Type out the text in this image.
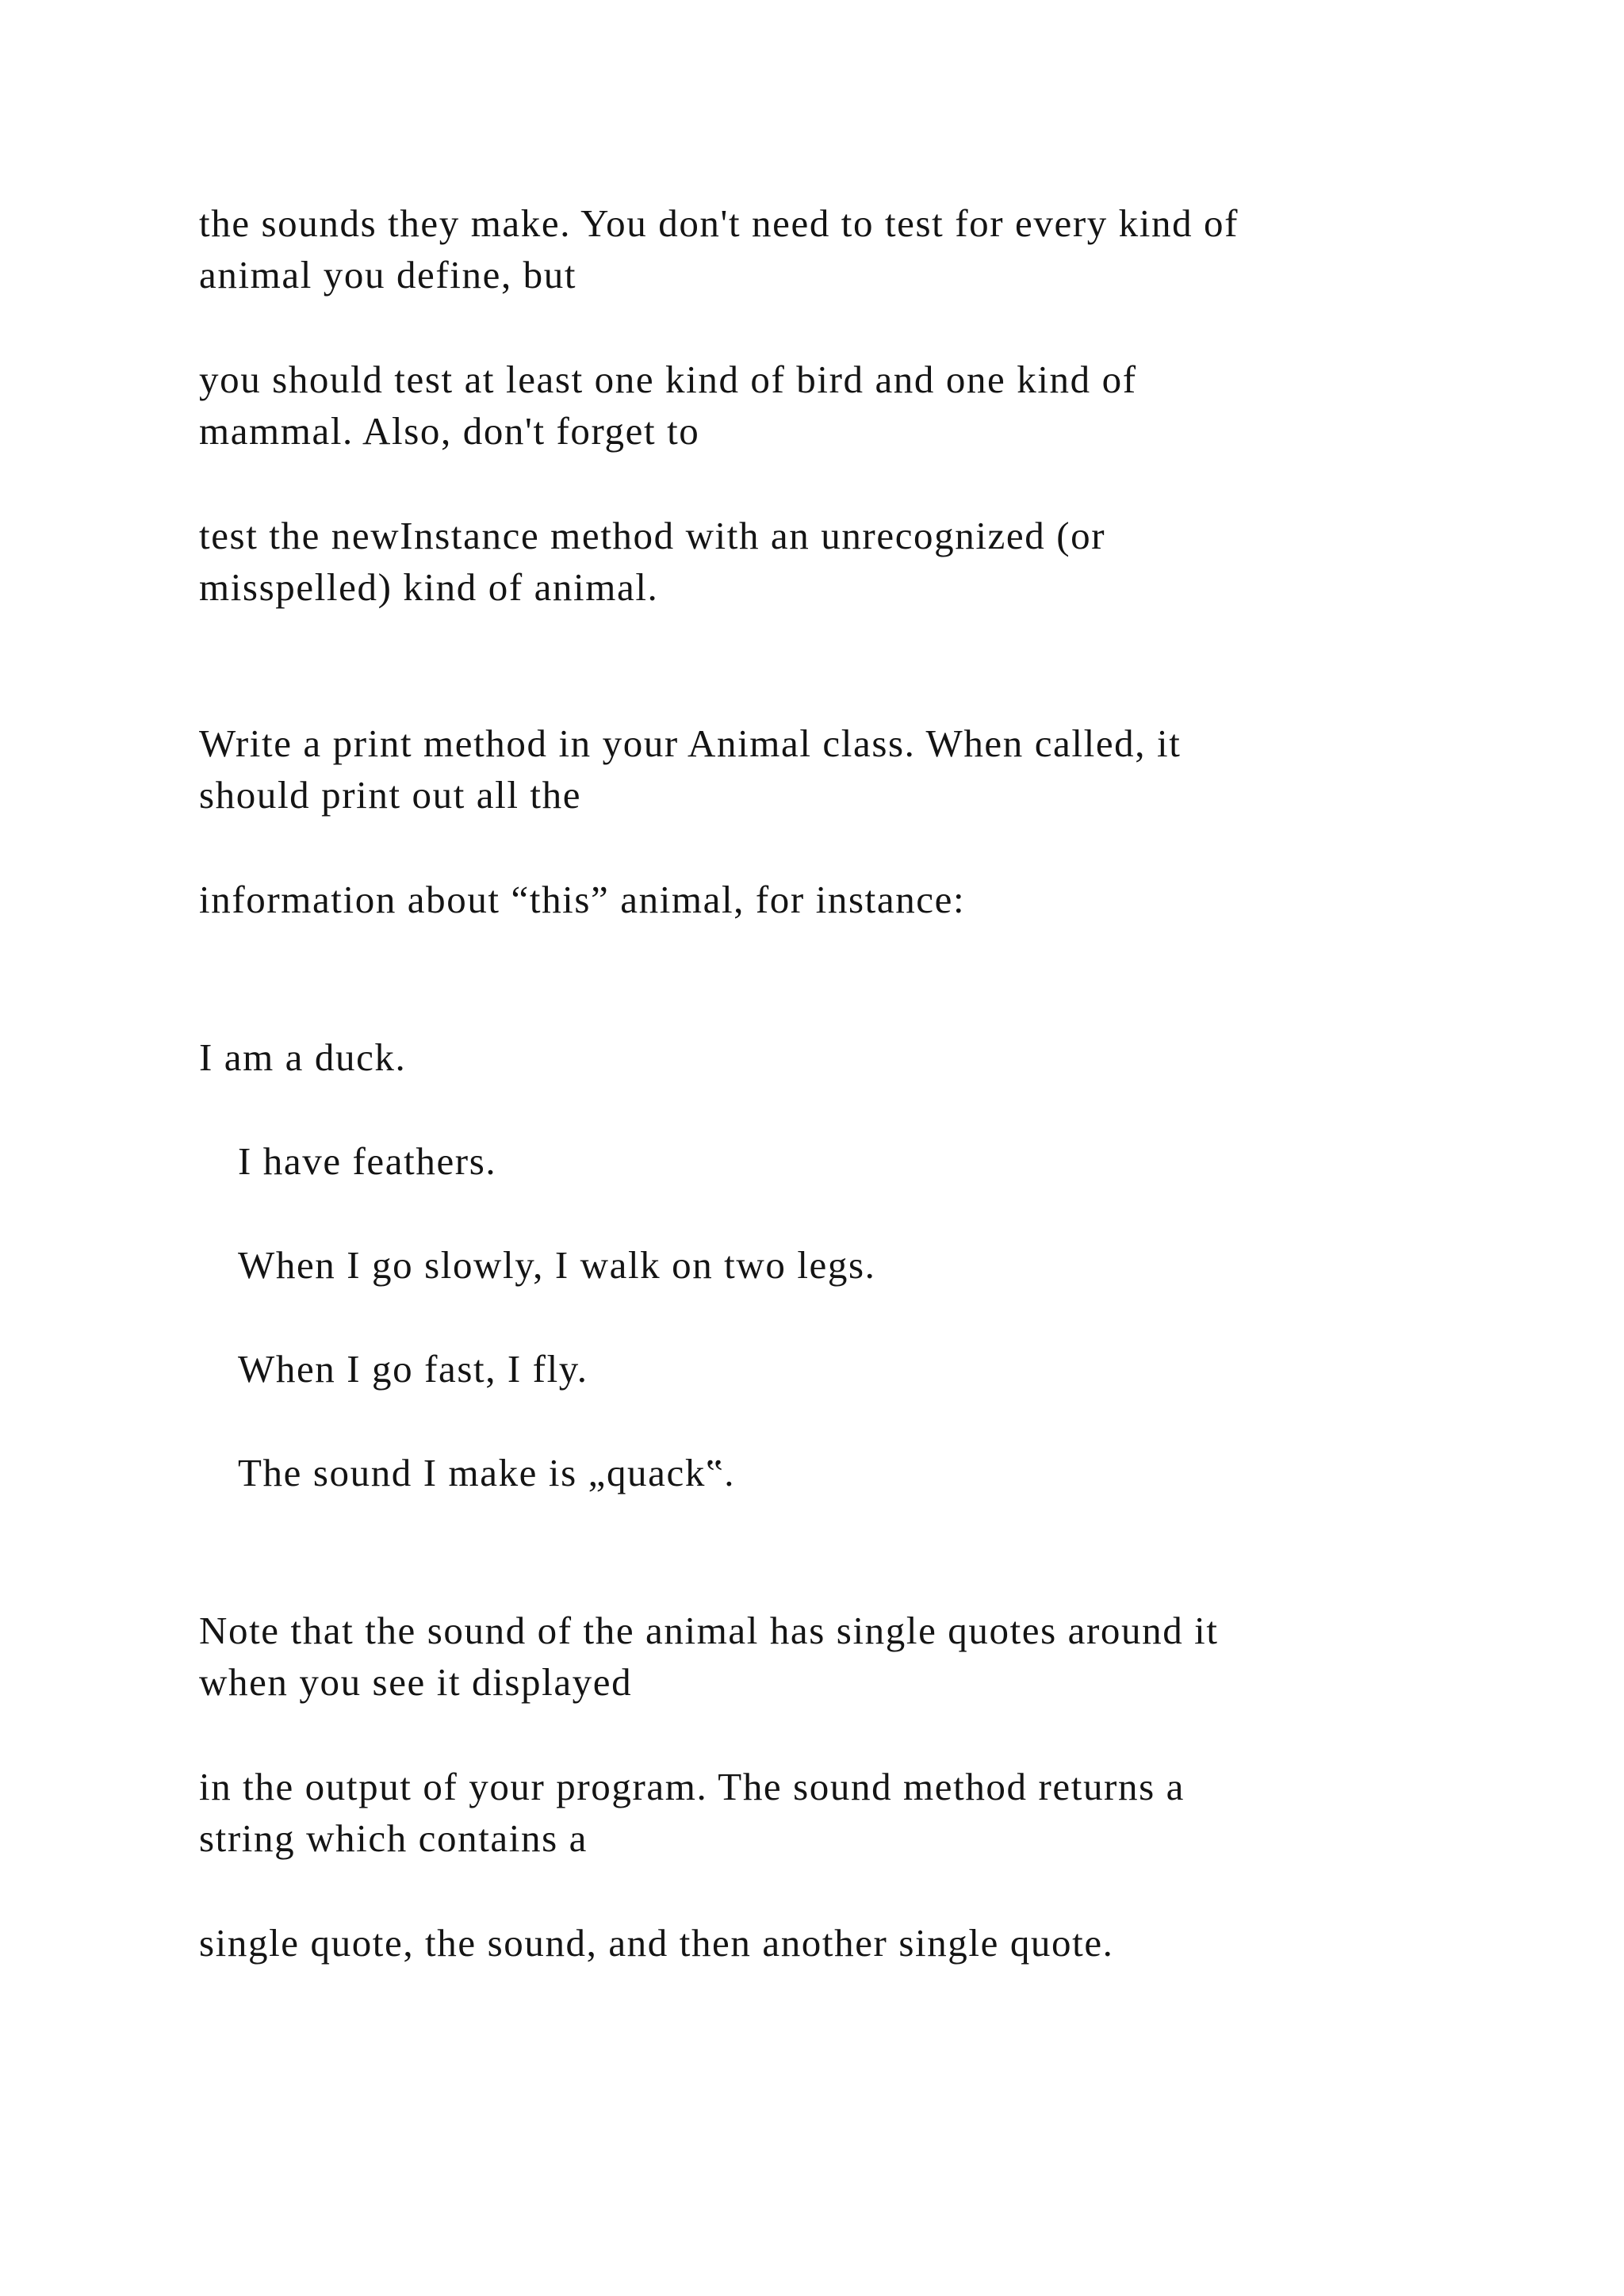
the sounds they make. You don't need to test for every kind of

animal you define, but

you should test at least one kind of bird and one kind of

mammal. Also, don't forget to

test the newInstance method with an unrecognized (or

misspelled) kind of animal.

Write a print method in your Animal class. When called, it

should print out all the

information about “this” animal, for instance:

I am a duck.

I have feathers.

When I go slowly, I walk on two legs.

When I go fast, I fly.

The sound I make is „quack‟.

Note that the sound of the animal has single quotes around it

when you see it displayed

in the output of your program. The sound method returns a

string which contains a

single quote, the sound, and then another single quote.
